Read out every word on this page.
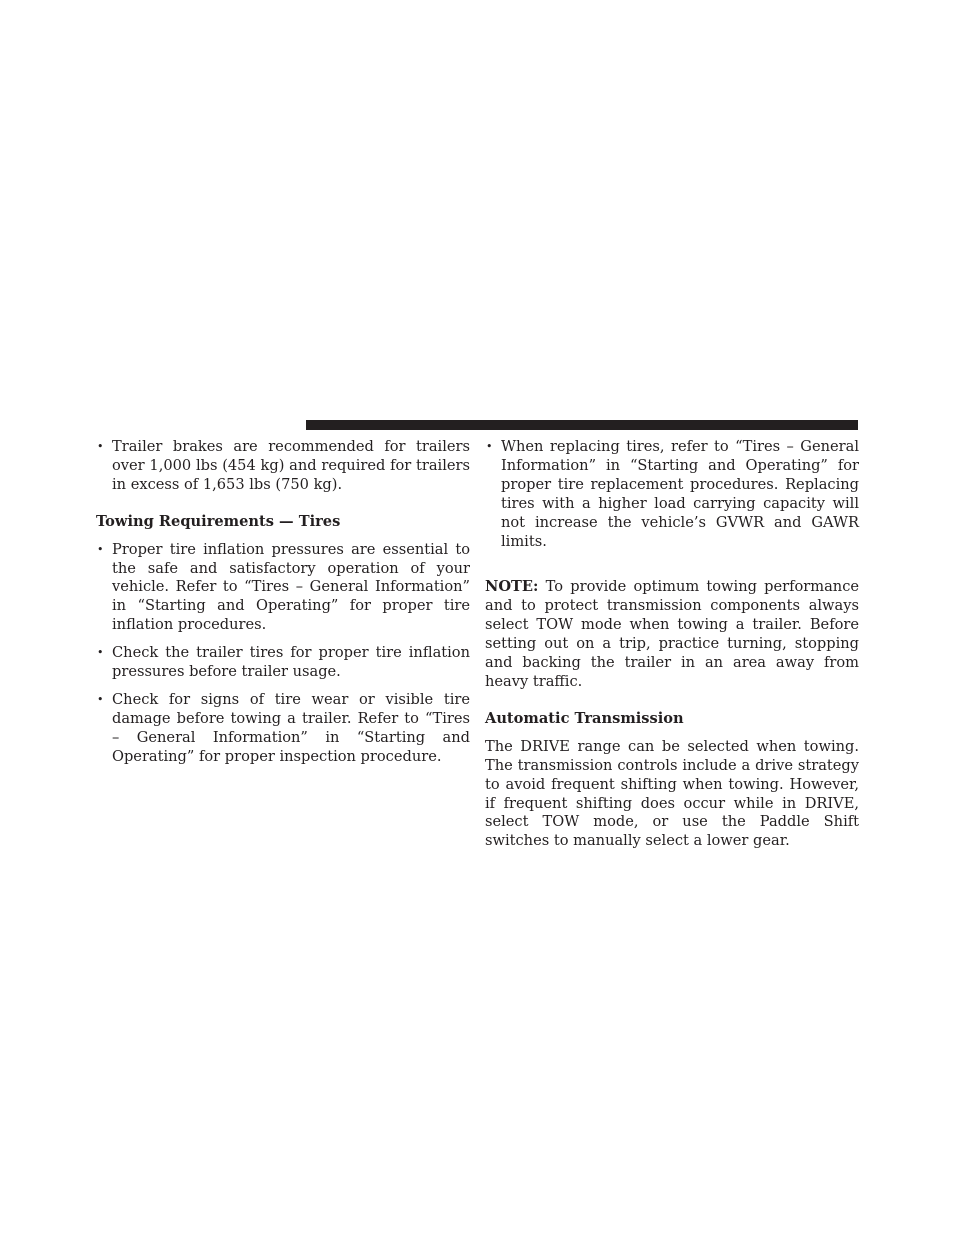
• Trailer brakes are recommended for trailers over 1,000 lbs (454 kg) and required for trailers in excess of 1,653 lbs (750 kg).
Towing Requirements — Tires
• Proper tire inflation pressures are essential to the safe and satisfactory operation of your vehicle. Refer to “Tires – General Information” in “Starting and Operating” for proper tire inflation procedures.
• Check the trailer tires for proper tire inflation pressures before trailer usage.
• Check for signs of tire wear or visible tire damage before towing a trailer. Refer to “Tires – General Information” in “Starting and Operating” for proper inspection procedure.
• When replacing tires, refer to “Tires – General Information” in “Starting and Operating” for proper tire replacement procedures. Replacing tires with a higher load carrying capacity will not increase the vehicle’s GVWR and GAWR limits.

NOTE: To provide optimum towing performance and to protect transmission components always select TOW mode when towing a trailer. Before setting out on a trip, practice turning, stopping and backing the trailer in an area away from heavy traffic.

Automatic Transmission

The DRIVE range can be selected when towing. The transmission controls include a drive strategy to avoid frequent shifting when towing. However, if frequent shifting does occur while in DRIVE, select TOW mode, or use the Paddle Shift switches to manually select a lower gear.
